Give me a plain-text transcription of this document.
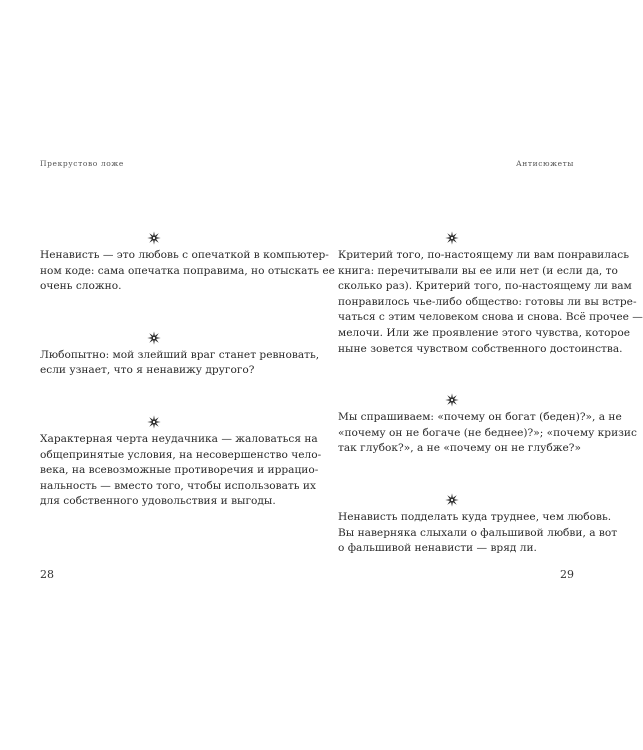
Прекрустово ложе

Ненависть — это любовь с опечаткой в компьютер-
ном коде: сама опечатка поправима, но отыскать ее
очень сложно.

Любопытно: мой злейший враг станет ревновать,
если узнает, что я ненавижу другого?

Характерная черта неудачника — жаловаться на
общепринятые условия, на несовершенство чело-
века, на всевозможные противоречия и иррацио-
нальность — вместо того, чтобы использовать их
для собственного удовольствия и выгоды.

28
Антисюжеты

Критерий того, по-настоящему ли вам понравилась
книга: перечитывали вы ее или нет (и если да, то
сколько раз). Критерий того, по-настоящему ли вам
понравилось чье-либо общество: готовы ли вы встре-
чаться с этим человеком снова и снова. Всё прочее —
мелочи. Или же проявление этого чувства, которое
ныне зовется чувством собственного достоинства.

Мы спрашиваем: «почему он богат (беден)?», а не
«почему он не богаче (не беднее)?»; «почему кризис
так глубок?», а не «почему он не глубже?»

Ненависть подделать куда труднее, чем любовь.
Вы наверняка слыхали о фальшивой любви, а вот
о фальшивой ненависти — вряд ли.

29
